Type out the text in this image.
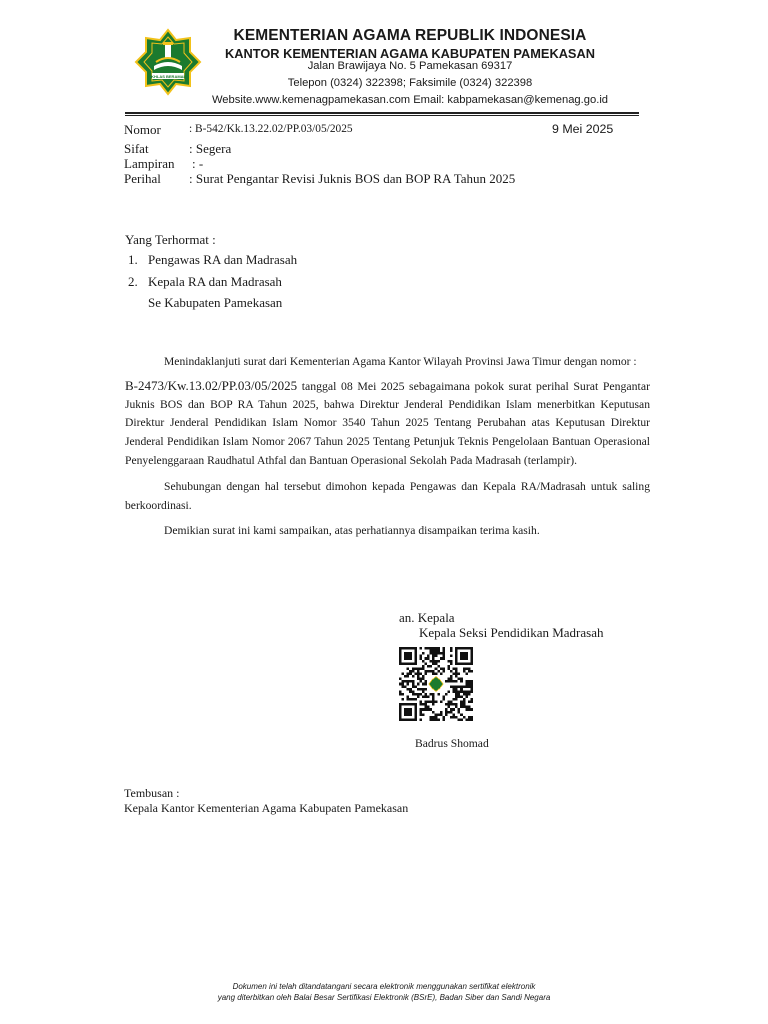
IKHLAS BERAMAL
KEMENTERIAN AGAMA REPUBLIK INDONESIA
KANTOR KEMENTERIAN AGAMA KABUPATEN PAMEKASAN
Jalan Brawijaya No. 5 Pamekasan 69317
Telepon (0324) 322398; Faksimile (0324) 322398
Website.www.kemenagpamekasan.com Email: kabpamekasan@kemenag.go.id
Nomor : B-542/Kk.13.22.02/PP.03/05/2025	9 Mei 2025
Sifat	: Segera
Lampiran : -
Perihal : Surat Pengantar Revisi Juknis BOS dan BOP RA Tahun 2025
Yang Terhormat :
1. Pengawas RA dan Madrasah
2. Kepala RA dan Madrasah
Se Kabupaten Pamekasan
Menindaklanjuti surat dari Kementerian Agama Kantor Wilayah Provinsi Jawa Timur dengan nomor :
B-2473/Kw.13.02/PP.03/05/2025 tanggal 08 Mei 2025 sebagaimana pokok surat perihal Surat Pengantar
Juknis BOS dan BOP RA Tahun 2025, bahwa Direktur Jenderal Pendidikan Islam menerbitkan Keputusan
Direktur Jenderal Pendidikan Islam Nomor 3540 Tahun 2025 Tentang Perubahan atas Keputusan Direktur
Jenderal Pendidikan Islam Nomor 2067 Tahun 2025 Tentang Petunjuk Teknis Pengelolaan Bantuan Operasional
Penyelenggaraan Raudhatul Athfal dan Bantuan Operasional Sekolah Pada Madrasah (terlampir).
Sehubungan dengan hal tersebut dimohon kepada Pengawas dan Kepala RA/Madrasah untuk saling
berkoordinasi.
Demikian surat ini kami sampaikan, atas perhatiannya disampaikan terima kasih.
an. Kepala
Kepala Seksi Pendidikan Madrasah
Badrus Shomad
Tembusan :
Kepala Kantor Kementerian Agama Kabupaten Pamekasan
Dokumen ini telah ditandatangani secara elektronik menggunakan sertifikat elektronik
yang diterbitkan oleh Balai Besar Sertifikasi Elektronik (BSrE), Badan Siber dan Sandi Negara
